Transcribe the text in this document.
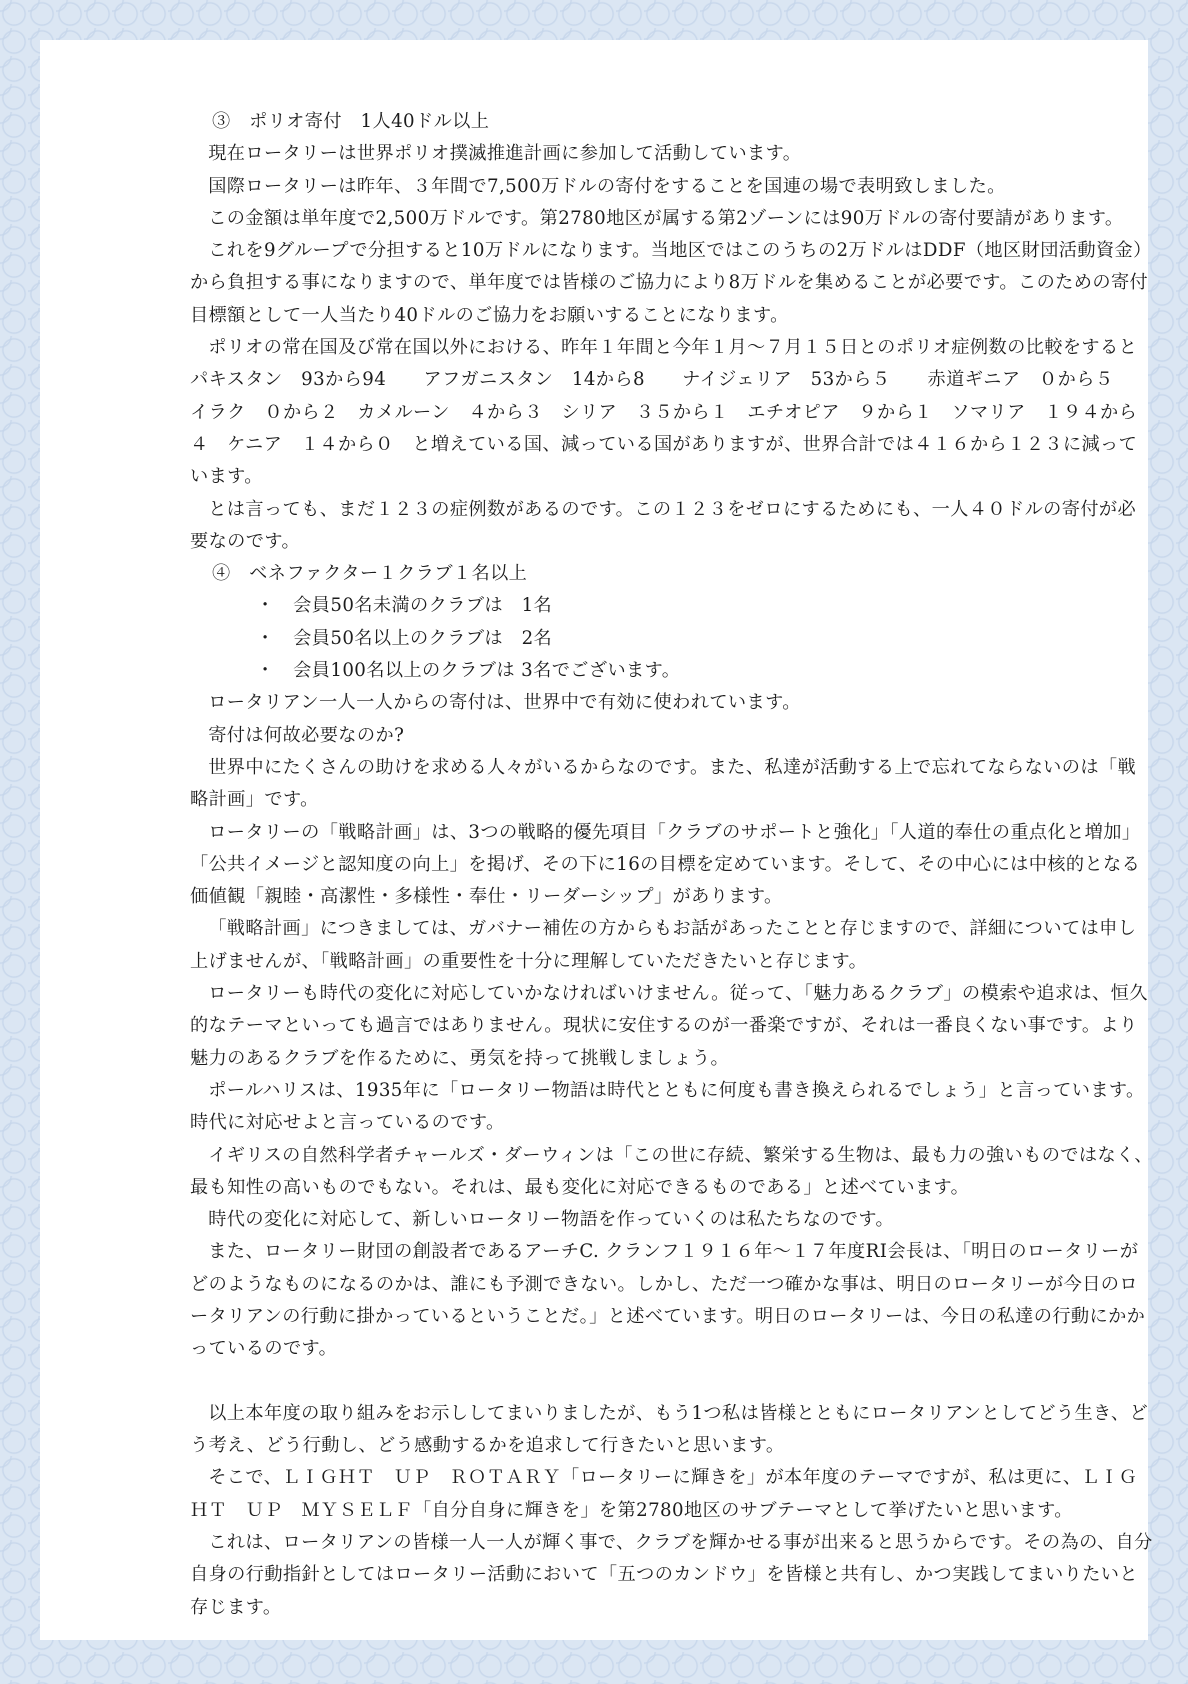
③　ポリオ寄付　1人40ドル以上

現在ロータリーは世界ポリオ撲滅推進計画に参加して活動しています。

国際ロータリーは昨年、３年間で7,500万ドルの寄付をすることを国連の場で表明致しました。

この金額は単年度で2,500万ドルです。第2780地区が属する第2ゾーンには90万ドルの寄付要請があります。

これを9グループで分担すると10万ドルになります。当地区ではこのうちの2万ドルはDDF（地区財団活動資金）から負担する事になりますので、単年度では皆様のご協力により8万ドルを集めることが必要です。このための寄付目標額として一人当たり40ドルのご協力をお願いすることになります。

ポリオの常在国及び常在国以外における、昨年１年間と今年１月～７月１５日とのポリオ症例数の比較をするとパキスタン　93から94　　アフガニスタン　14から8　　ナイジェリア　53から５　　赤道ギニア　０から５　　イラク　０から２　カメルーン　４から３　シリア　３５から１　エチオピア　９から１　ソマリア　１９４から４　ケニア　１４から０　と増えている国、減っている国がありますが、世界合計では４１６から１２３に減っています。

とは言っても、まだ１２３の症例数があるのです。この１２３をゼロにするためにも、一人４０ドルの寄付が必要なのです。

④　ベネファクター１クラブ１名以上

・　会員50名未満のクラブは　1名

・　会員50名以上のクラブは　2名

・　会員100名以上のクラブは 3名でございます。

ロータリアン一人一人からの寄付は、世界中で有効に使われています。

寄付は何故必要なのか?

世界中にたくさんの助けを求める人々がいるからなのです。また、私達が活動する上で忘れてならないのは「戦略計画」です。

ロータリーの「戦略計画」は、3つの戦略的優先項目「クラブのサポートと強化」「人道的奉仕の重点化と増加」「公共イメージと認知度の向上」を掲げ、その下に16の目標を定めています。そして、その中心には中核的となる価値観「親睦・高潔性・多様性・奉仕・リーダーシップ」があります。

「戦略計画」につきましては、ガバナー補佐の方からもお話があったことと存じますので、詳細については申し上げませんが、「戦略計画」の重要性を十分に理解していただきたいと存じます。

ロータリーも時代の変化に対応していかなければいけません。従って、「魅力あるクラブ」の模索や追求は、恒久的なテーマといっても過言ではありません。現状に安住するのが一番楽ですが、それは一番良くない事です。より魅力のあるクラブを作るために、勇気を持って挑戦しましょう。

ポールハリスは、1935年に「ロータリー物語は時代とともに何度も書き換えられるでしょう」と言っています。時代に対応せよと言っているのです。

イギリスの自然科学者チャールズ・ダーウィンは「この世に存続、繁栄する生物は、最も力の強いものではなく、最も知性の高いものでもない。それは、最も変化に対応できるものである」と述べています。

時代の変化に対応して、新しいロータリー物語を作っていくのは私たちなのです。

また、ロータリー財団の創設者であるアーチC. クランフ１９１６年～１７年度RI会長は、「明日のロータリーがどのようなものになるのかは、誰にも予測できない。しかし、ただ一つ確かな事は、明日のロータリーが今日のロータリアンの行動に掛かっているということだ。」と述べています。明日のロータリーは、今日の私達の行動にかかっているのです。

以上本年度の取り組みをお示ししてまいりましたが、もう1つ私は皆様とともにロータリアンとしてどう生き、どう考え、どう行動し、どう感動するかを追求して行きたいと思います。

そこで、ＬＩＧＨＴ　ＵＰ　ＲＯＴＡＲＹ「ロータリーに輝きを」が本年度のテーマですが、私は更に、ＬＩＧＨＴ　ＵＰ　ＭＹＳＥＬＦ「自分自身に輝きを」を第2780地区のサブテーマとして挙げたいと思います。

これは、ロータリアンの皆様一人一人が輝く事で、クラブを輝かせる事が出来ると思うからです。その為の、自分自身の行動指針としてはロータリー活動において「五つのカンドウ」を皆様と共有し、かつ実践してまいりたいと存じます。
